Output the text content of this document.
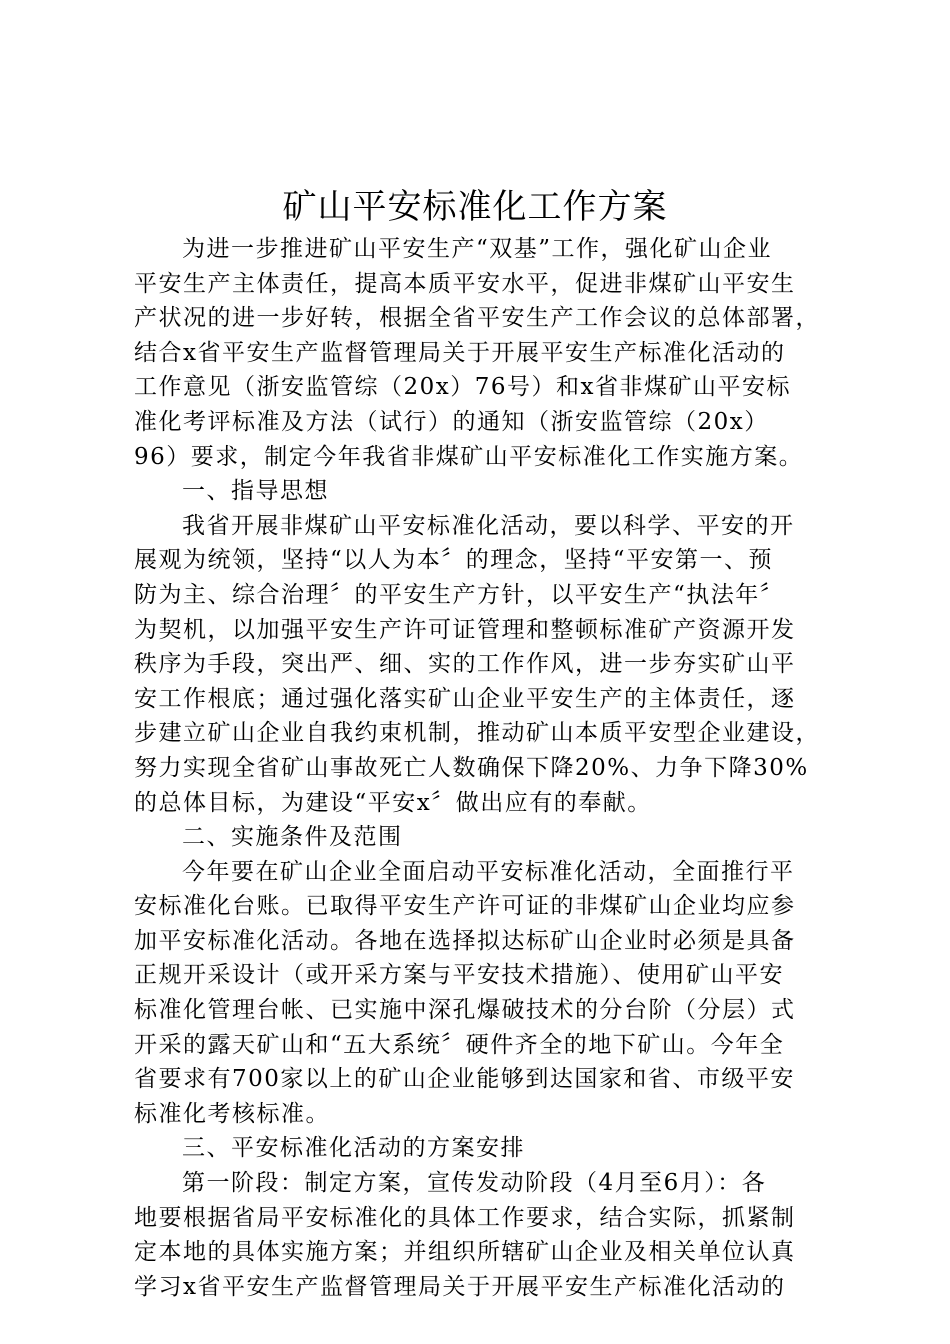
矿山平安标准化工作方案
为进一步推进矿山平安生产“双基”工作，强化矿山企业
平安生产主体责任，提高本质平安水平，促进非煤矿山平安生
产状况的进一步好转，根据全省平安生产工作会议的总体部署，
结合x省平安生产监督管理局关于开展平安生产标准化活动的
工作意见（浙安监管综（20x）76号）和x省非煤矿山平安标
准化考评标准及方法（试行）的通知（浙安监管综（20x）
96）要求，制定今年我省非煤矿山平安标准化工作实施方案。
一、指导思想
我省开展非煤矿山平安标准化活动，要以科学、平安的开
展观为统领，坚持“以人为本〞的理念，坚持“平安第一、预
防为主、综合治理〞的平安生产方针，以平安生产“执法年〞
为契机，以加强平安生产许可证管理和整顿标准矿产资源开发
秩序为手段，突出严、细、实的工作作风，进一步夯实矿山平
安工作根底；通过强化落实矿山企业平安生产的主体责任，逐
步建立矿山企业自我约束机制，推动矿山本质平安型企业建设，
努力实现全省矿山事故死亡人数确保下降20%、力争下降30%
的总体目标，为建设“平安x〞做出应有的奉献。
二、实施条件及范围
今年要在矿山企业全面启动平安标准化活动，全面推行平
安标准化台账。已取得平安生产许可证的非煤矿山企业均应参
加平安标准化活动。各地在选择拟达标矿山企业时必须是具备
正规开采设计（或开采方案与平安技术措施）、使用矿山平安
标准化管理台帐、已实施中深孔爆破技术的分台阶（分层）式
开采的露天矿山和“五大系统〞硬件齐全的地下矿山。今年全
省要求有700家以上的矿山企业能够到达国家和省、市级平安
标准化考核标准。
三、平安标准化活动的方案安排
第一阶段：制定方案，宣传发动阶段（4月至6月）：各
地要根据省局平安标准化的具体工作要求，结合实际，抓紧制
定本地的具体实施方案；并组织所辖矿山企业及相关单位认真
学习x省平安生产监督管理局关于开展平安生产标准化活动的
